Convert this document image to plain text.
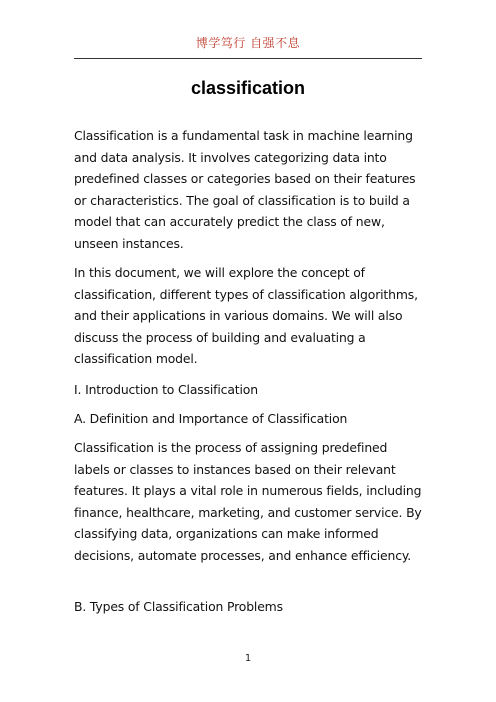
博学笃行 自强不息
classification
Classification is a fundamental task in machine learning and data analysis. It involves categorizing data into predefined classes or categories based on their features or characteristics. The goal of classification is to build a model that can accurately predict the class of new, unseen instances.
In this document, we will explore the concept of classification, different types of classification algorithms, and their applications in various domains. We will also discuss the process of building and evaluating a classification model.
I. Introduction to Classification
A. Definition and Importance of Classification
Classification is the process of assigning predefined labels or classes to instances based on their relevant features. It plays a vital role in numerous fields, including finance, healthcare, marketing, and customer service. By classifying data, organizations can make informed decisions, automate processes, and enhance efficiency.
B. Types of Classification Problems
1
